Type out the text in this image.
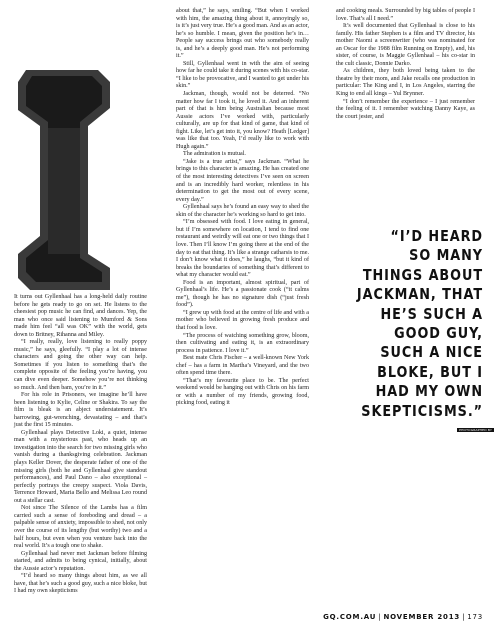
It turns out Gyllenhaal has a long-held daily routine before he gets ready to go on set. He listens to the cheesiest pop music he can find, and dances. Yep, the man who once said listening to Mumford & Sons made him feel “all was OK” with the world, gets down to Britney, Rihanna and Miley.

“I really, really, love listening to really poppy music,” he says, gleefully. “I play a lot of intense characters and going the other way can help. Sometimes if you listen to something that’s the complete opposite of the feeling you’re having, you can dive even deeper. Somehow you’re not thinking so much. And then bam, you’re in it.”

For his role in Prisoners, we imagine he’ll have been listening to Kylie, Celine or Shakira. To say the film is bleak is an abject understatement. It’s harrowing, gut-wrenching, devastating – and that’s just the first 15 minutes.

Gyllenhaal plays Detective Loki, a quiet, intense man with a mysterious past, who heads up an investigation into the search for two missing girls who vanish during a thanksgiving celebration. Jackman plays Keller Dover, the desperate father of one of the missing girls (both he and Gyllenhaal give standout performances), and Paul Dano – also exceptional – perfectly portrays the creepy suspect. Viola Davis, Terrence Howard, Maria Bello and Melissa Leo round out a stellar cast.

Not since The Silence of the Lambs has a film carried such a sense of foreboding and dread – a palpable sense of anxiety, impossible to shed, not only over the course of its lengthy (but worthy) two and a half hours, but even when you venture back into the real world. It’s a tough one to shake.

Gyllenhaal had never met Jackman before filming started, and admits to being cynical, initially, about the Aussie actor’s reputation.

“I’d heard so many things about him, as we all have, that he’s such a good guy, such a nice bloke, but I had my own skepticisms

about that,” he says, smiling. “But when I worked with him, the amazing thing about it, annoyingly so, is it’s just very true. He’s a good man. And as an actor, he’s so humble. I mean, given the position he’s in… People say success brings out who somebody really is, and he’s a deeply good man. He’s not performing it.”

Still, Gyllenhaal went in with the aim of seeing how far he could take it during scenes with his co-star. “I like to be provocative, and I wanted to get under his skin.”

Jackman, though, would not be deterred. “No matter how far I took it, he loved it. And an inherent part of that is him being Australian because most Aussie actors I’ve worked with, particularly culturally, are up for that kind of game, that kind of fight. Like, let’s get into it, you know? Heath [Ledger] was like that too. Yeah, I’d really like to work with Hugh again.”

The admiration is mutual.

“Jake is a true artist,” says Jackman. “What he brings to this character is amazing. He has created one of the most interesting detectives I’ve seen on screen and is an incredibly hard worker, relentless in his determination to get the most out of every scene, every day.”

Gyllenhaal says he’s found an easy way to shed the skin of the character he’s working so hard to get into.

“I’m obsessed with food. I love eating in general, but if I’m somewhere on location, I tend to find one restaurant and weirdly will eat one or two things that I love. Then I’ll know I’m going there at the end of the day to eat that thing. It’s like a strange catharsis to me. I don’t know what it does,” he laughs, “but it kind of breaks the boundaries of something that’s different to what my character would eat.”

Food is an important, almost spiritual, part of Gyllenhaal’s life. He’s a passionate cook (“it calms me”), though he has no signature dish (“just fresh food”).

“I grew up with food at the centre of life and with a mother who believed in growing fresh produce and that food is love.

“The process of watching something grow, bloom, then cultivating and eating it, is an extraordinary process in patience. I love it.”

Best mate Chris Fischer – a well-known New York chef – has a farm in Martha’s Vineyard, and the two often spend time there.

“That’s my favourite place to be. The perfect weekend would be hanging out with Chris on his farm or with a number of my friends, growing food, picking food, eating it

and cooking meals. Surrounded by big tables of people I love. That’s all I need.”

It’s well documented that Gyllenhaal is close to his family. His father Stephen is a film and TV director, his mother Naomi a screenwriter (who was nominated for an Oscar for the 1988 film Running on Empty), and, his sister, of course, is Maggie Gyllenhaal – his co-star in the cult classic, Donnie Darko.

As children, they both loved being taken to the theatre by their mom, and Jake recalls one production in particular: The King and I, in Los Angeles, starring the King to end all kings – Yul Brynner.

“I don’t remember the experience – I just remember the feeling of it. I remember watching Danny Kaye, as the court jester, and

“I’D HEARD
SO MANY
THINGS ABOUT
JACKMAN, THAT
HE’S SUCH A
GOOD GUY,
SUCH A NICE
BLOKE, BUT I
HAD MY OWN
SKEPTICISMS.”
PHOTOGRAPHED BY
GQ.COM.AU | NOVEMBER 2013 | 173
